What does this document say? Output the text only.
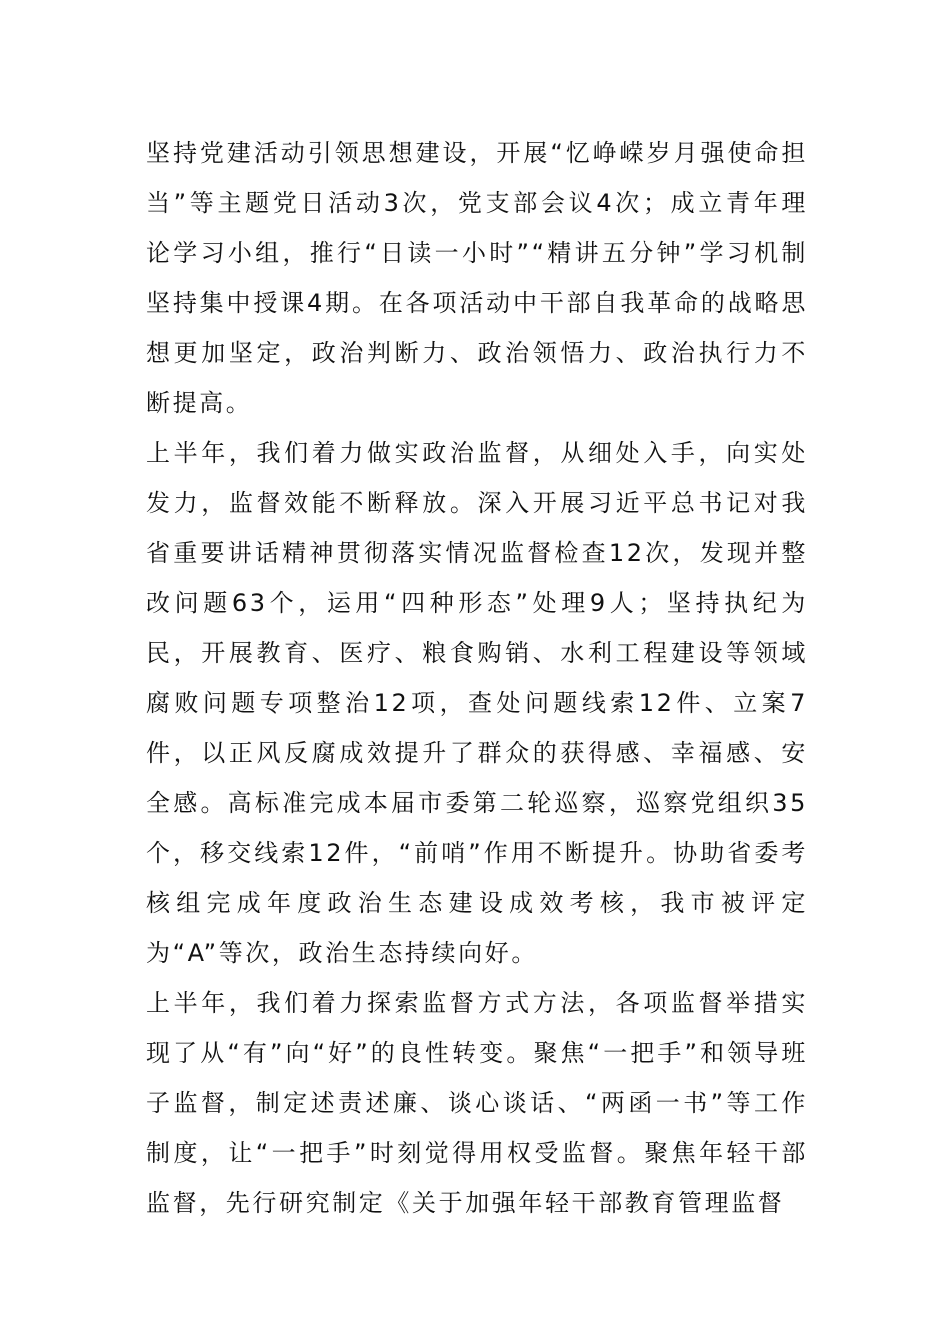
坚持党建活动引领思想建设，开展“忆峥嵘岁月强使命担当”等主题党日活动3次，党支部会议4次；成立青年理论学习小组，推行“日读一小时”“精讲五分钟”学习机制坚持集中授课4期。在各项活动中干部自我革命的战略思想更加坚定，政治判断力、政治领悟力、政治执行力不断提高。

上半年，我们着力做实政治监督，从细处入手，向实处发力，监督效能不断释放。深入开展习近平总书记对我省重要讲话精神贯彻落实情况监督检查12次，发现并整改问题63个，运用“四种形态”处理9人；坚持执纪为民，开展教育、医疗、粮食购销、水利工程建设等领域腐败问题专项整治12项，查处问题线索12件、立案7件，以正风反腐成效提升了群众的获得感、幸福感、安全感。高标准完成本届市委第二轮巡察，巡察党组织35个，移交线索12件，“前哨”作用不断提升。协助省委考核组完成年度政治生态建设成效考核，我市被评定为“A”等次，政治生态持续向好。

上半年，我们着力探索监督方式方法，各项监督举措实现了从“有”向“好”的良性转变。聚焦“一把手”和领导班子监督，制定述责述廉、谈心谈话、“两函一书”等工作制度，让“一把手”时刻觉得用权受监督。聚焦年轻干部监督，先行研究制定《关于加强年轻干部教育管理监督
